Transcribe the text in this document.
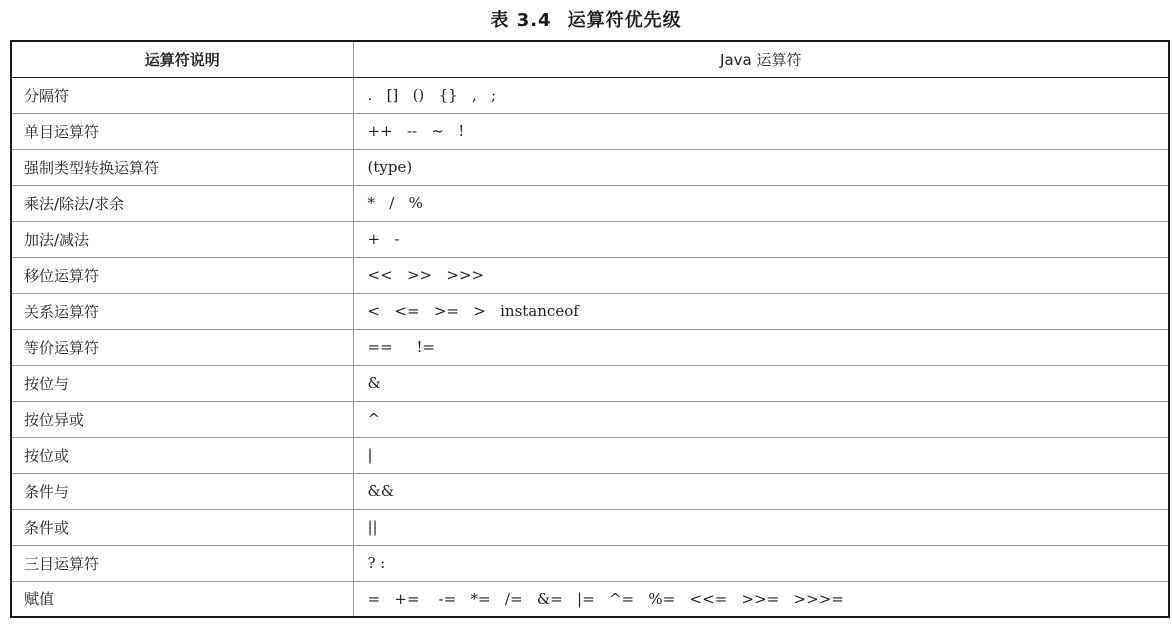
表 3.4 运算符优先级
运算符说明	Java 运算符
分隔符	.   []   ()   {}   ,   ;
单目运算符	++   --   ~   !
强制类型转换运算符	(type)
乘法/除法/求余	*   /   %
加法/减法	+   -
移位运算符	<<   >>   >>>
关系运算符	<   <=   >=   >   instanceof
等价运算符	==     !=
按位与	&
按位异或	^
按位或	|
条件与	&&
条件或	||
三目运算符	? :
赋值	=   +=    -=   *=   /=   &=   |=   ^=   %=   <<=   >>=   >>>=
